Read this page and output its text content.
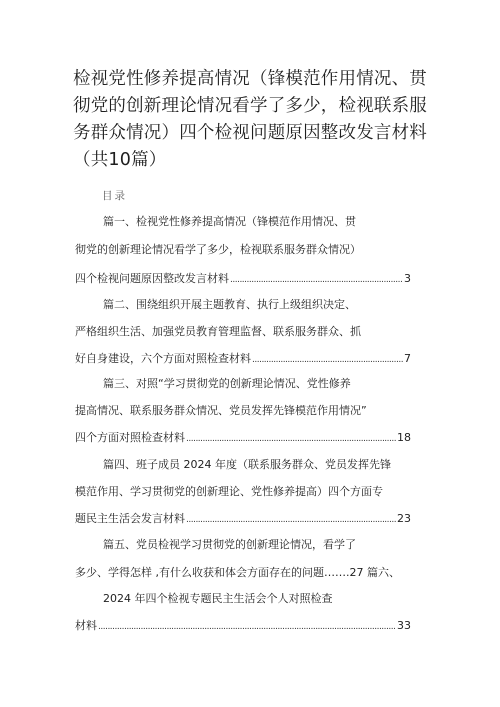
检视党性修养提高情况（锋模范作用情况、贯彻党的创新理论情况看学了多少，检视联系服务群众情况）四个检视问题原因整改发言材料（共10篇）
目录
篇一、检视党性修养提高情况（锋模范作用情况、贯
彻党的创新理论情况看学了多少，检视联系服务群众情况）
四个检视问题原因整改发言材料 .....	3
篇二、围绕组织开展主题教育、执行上级组织决定、
严格组织生活、加强党员教育管理监督、联系服务群众、抓
好自身建设，六个方面对照检查材料 .....	7
篇三、对照“学习贯彻党的创新理论情况、党性修养
提高情况、联系服务群众情况、党员发挥先锋模范作用情况”
四个方面对照检查材料 .....	18
篇四、班子成员 2024 年度（联系服务群众、党员发挥先锋
模范作用、学习贯彻党的创新理论、党性修养提高）四个方面专
题民主生活会发言材料 .....	23
篇五、党员检视学习贯彻党的创新理论情况，看学了
多少、学得怎样 ,有什么收获和体会方面存在的问题…….27 篇六、
2024 年四个检视专题民主生活会个人对照检查
材料 .....	33
